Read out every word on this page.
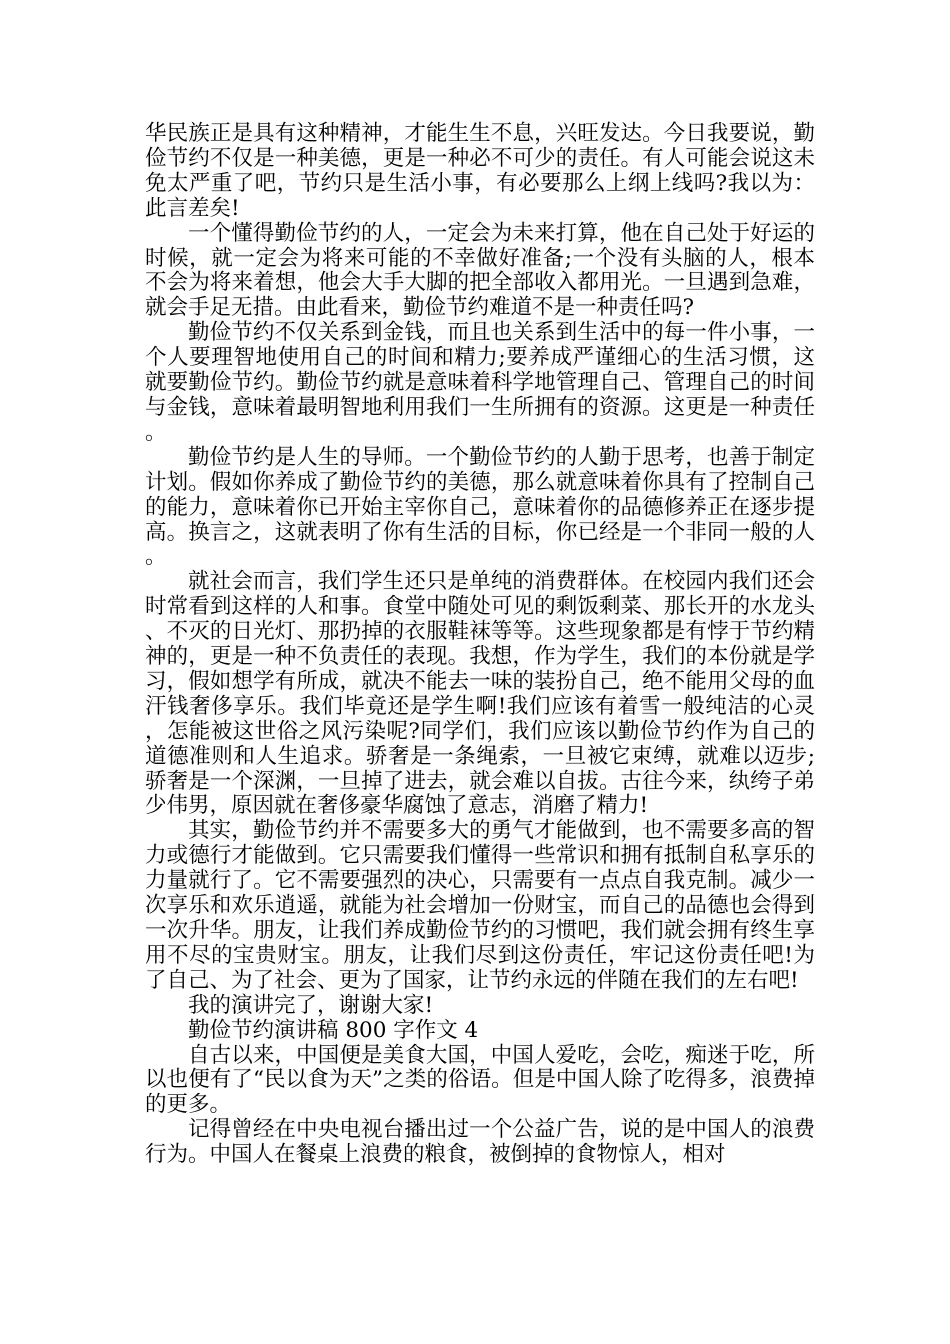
华民族正是具有这种精神，才能生生不息，兴旺发达。今日我要说，勤俭节约不仅是一种美德，更是一种必不可少的责任。有人可能会说这未免太严重了吧，节约只是生活小事，有必要那么上纲上线吗?我以为：此言差矣!

一个懂得勤俭节约的人，一定会为未来打算，他在自己处于好运的时候，就一定会为将来可能的不幸做好准备;一个没有头脑的人，根本不会为将来着想，他会大手大脚的把全部收入都用光。一旦遇到急难，就会手足无措。由此看来，勤俭节约难道不是一种责任吗?

勤俭节约不仅关系到金钱，而且也关系到生活中的每一件小事，一个人要理智地使用自己的时间和精力;要养成严谨细心的生活习惯，这就要勤俭节约。勤俭节约就是意味着科学地管理自己、管理自己的时间与金钱，意味着最明智地利用我们一生所拥有的资源。这更是一种责任。

勤俭节约是人生的导师。一个勤俭节约的人勤于思考，也善于制定计划。假如你养成了勤俭节约的美德，那么就意味着你具有了控制自己的能力，意味着你已开始主宰你自己，意味着你的品德修养正在逐步提高。换言之，这就表明了你有生活的目标，你已经是一个非同一般的人。

就社会而言，我们学生还只是单纯的消费群体。在校园内我们还会时常看到这样的人和事。食堂中随处可见的剩饭剩菜、那长开的水龙头、不灭的日光灯、那扔掉的衣服鞋袜等等。这些现象都是有悖于节约精神的，更是一种不负责任的表现。我想，作为学生，我们的本份就是学习，假如想学有所成，就决不能去一味的装扮自己，绝不能用父母的血汗钱奢侈享乐。我们毕竟还是学生啊!我们应该有着雪一般纯洁的心灵，怎能被这世俗之风污染呢?同学们，我们应该以勤俭节约作为自己的道德准则和人生追求。骄奢是一条绳索，一旦被它束缚，就难以迈步;骄奢是一个深渊，一旦掉了进去，就会难以自拔。古往今来，纨绔子弟少伟男，原因就在奢侈豪华腐蚀了意志，消磨了精力!

其实，勤俭节约并不需要多大的勇气才能做到，也不需要多高的智力或德行才能做到。它只需要我们懂得一些常识和拥有抵制自私享乐的力量就行了。它不需要强烈的决心，只需要有一点点自我克制。减少一次享乐和欢乐逍遥，就能为社会增加一份财宝，而自己的品德也会得到一次升华。朋友，让我们养成勤俭节约的习惯吧，我们就会拥有终生享用不尽的宝贵财宝。朋友，让我们尽到这份责任，牢记这份责任吧!为了自己、为了社会、更为了国家，让节约永远的伴随在我们的左右吧!

我的演讲完了，谢谢大家!

勤俭节约演讲稿 800 字作文 4

自古以来，中国便是美食大国，中国人爱吃，会吃，痴迷于吃，所以也便有了“民以食为天”之类的俗语。但是中国人除了吃得多，浪费掉的更多。

记得曾经在中央电视台播出过一个公益广告，说的是中国人的浪费行为。中国人在餐桌上浪费的粮食，被倒掉的食物惊人，相对
